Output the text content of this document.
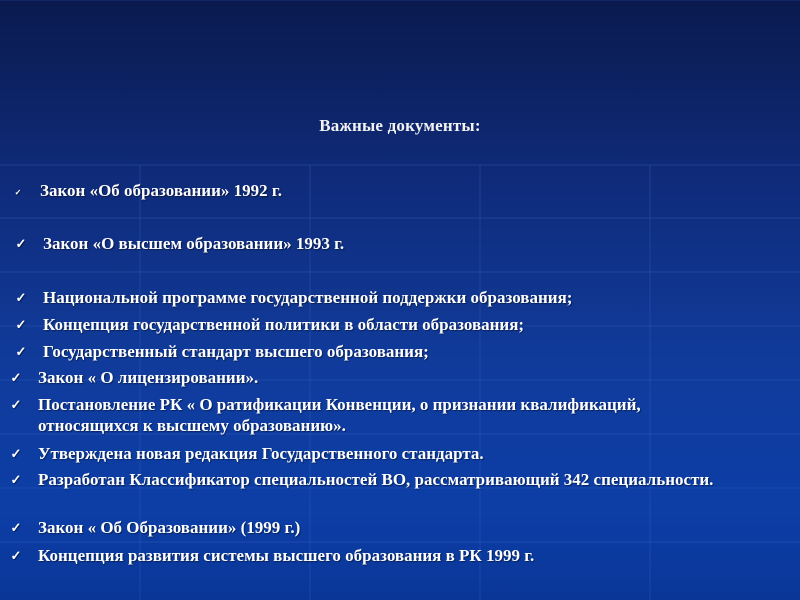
Важные документы:
✓ Закон «Об образовании» 1992 г.
✓ Закон «О высшем образовании» 1993 г.
✓ Национальной программе государственной поддержки образования;
✓ Концепция государственной политики в области образования;
✓ Государственный стандарт высшего образования;
✓ Закон « О лицензировании».
✓ Постановление РК « О ратификации Конвенции, о признании квалификаций, относящихся к высшему образованию».
✓ Утверждена новая редакция Государственного стандарта.
✓ Разработан Классификатор специальностей ВО, рассматривающий 342 специальности.
✓ Закон « Об Образовании» (1999 г.)
✓ Концепция развития системы высшего образования в РК 1999 г.
